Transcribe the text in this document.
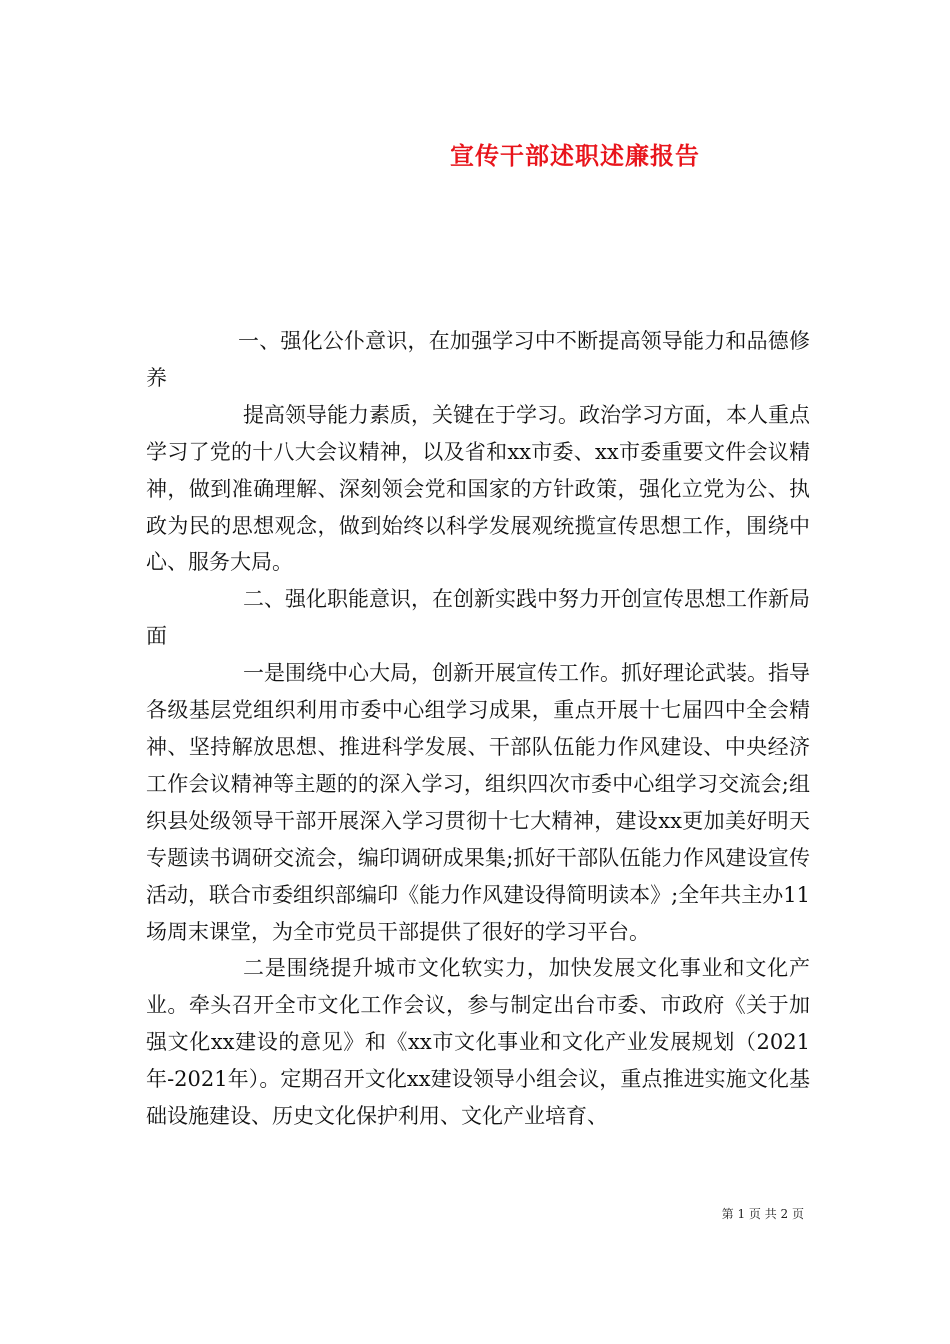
宣传干部述职述廉报告

一、强化公仆意识，在加强学习中不断提高领导能力和品德修养

提高领导能力素质，关键在于学习。政治学习方面，本人重点学习了党的十八大会议精神，以及省和xx市委、xx市委重要文件会议精神，做到准确理解、深刻领会党和国家的方针政策，强化立党为公、执政为民的思想观念，做到始终以科学发展观统揽宣传思想工作，围绕中心、服务大局。

二、强化职能意识，在创新实践中努力开创宣传思想工作新局面

一是围绕中心大局，创新开展宣传工作。抓好理论武装。指导各级基层党组织利用市委中心组学习成果，重点开展十七届四中全会精神、坚持解放思想、推进科学发展、干部队伍能力作风建设、中央经济工作会议精神等主题的的深入学习，组织四次市委中心组学习交流会;组织县处级领导干部开展深入学习贯彻十七大精神，建设xx更加美好明天专题读书调研交流会，编印调研成果集;抓好干部队伍能力作风建设宣传活动，联合市委组织部编印《能力作风建设得简明读本》;全年共主办11场周末课堂，为全市党员干部提供了很好的学习平台。

二是围绕提升城市文化软实力，加快发展文化事业和文化产业。牵头召开全市文化工作会议，参与制定出台市委、市政府《关于加强文化xx建设的意见》和《xx市文化事业和文化产业发展规划（2021年-2021年）。定期召开文化xx建设领导小组会议，重点推进实施文化基础设施建设、历史文化保护利用、文化产业培育、

第 1 页 共 2 页
